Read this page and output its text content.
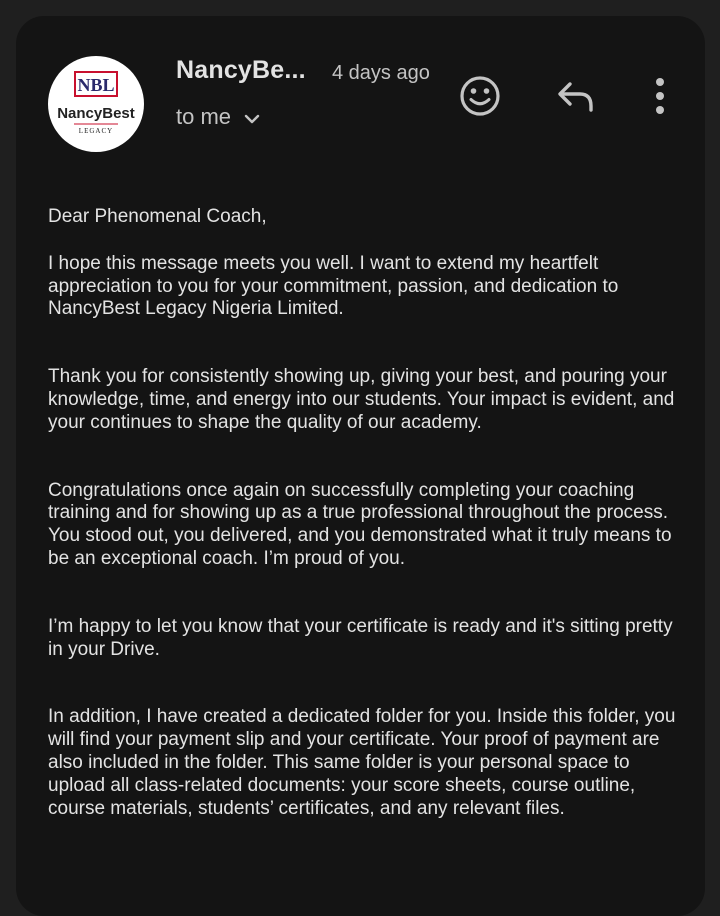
NBL
NancyBest
LEGACY
NancyBe... 4 days ago
to me

Dear Phenomenal Coach,

I hope this message meets you well. I want to extend my heartfelt appreciation to you for your commitment, passion, and dedication to NancyBest Legacy Nigeria Limited.

Thank you for consistently showing up, giving your best, and pouring your knowledge, time, and energy into our students. Your impact is evident, and your continues to shape the quality of our academy.

Congratulations once again on successfully completing your coaching training and for showing up as a true professional throughout the process. You stood out, you delivered, and you demonstrated what it truly means to be an exceptional coach. I’m proud of you.

I’m happy to let you know that your certificate is ready and it's sitting pretty in your Drive.

In addition, I have created a dedicated folder for you. Inside this folder, you will find your payment slip and your certificate. Your proof of payment are also included in the folder. This same folder is your personal space to upload all class-related documents: your score sheets, course outline, course materials, students’ certificates, and any relevant files.
